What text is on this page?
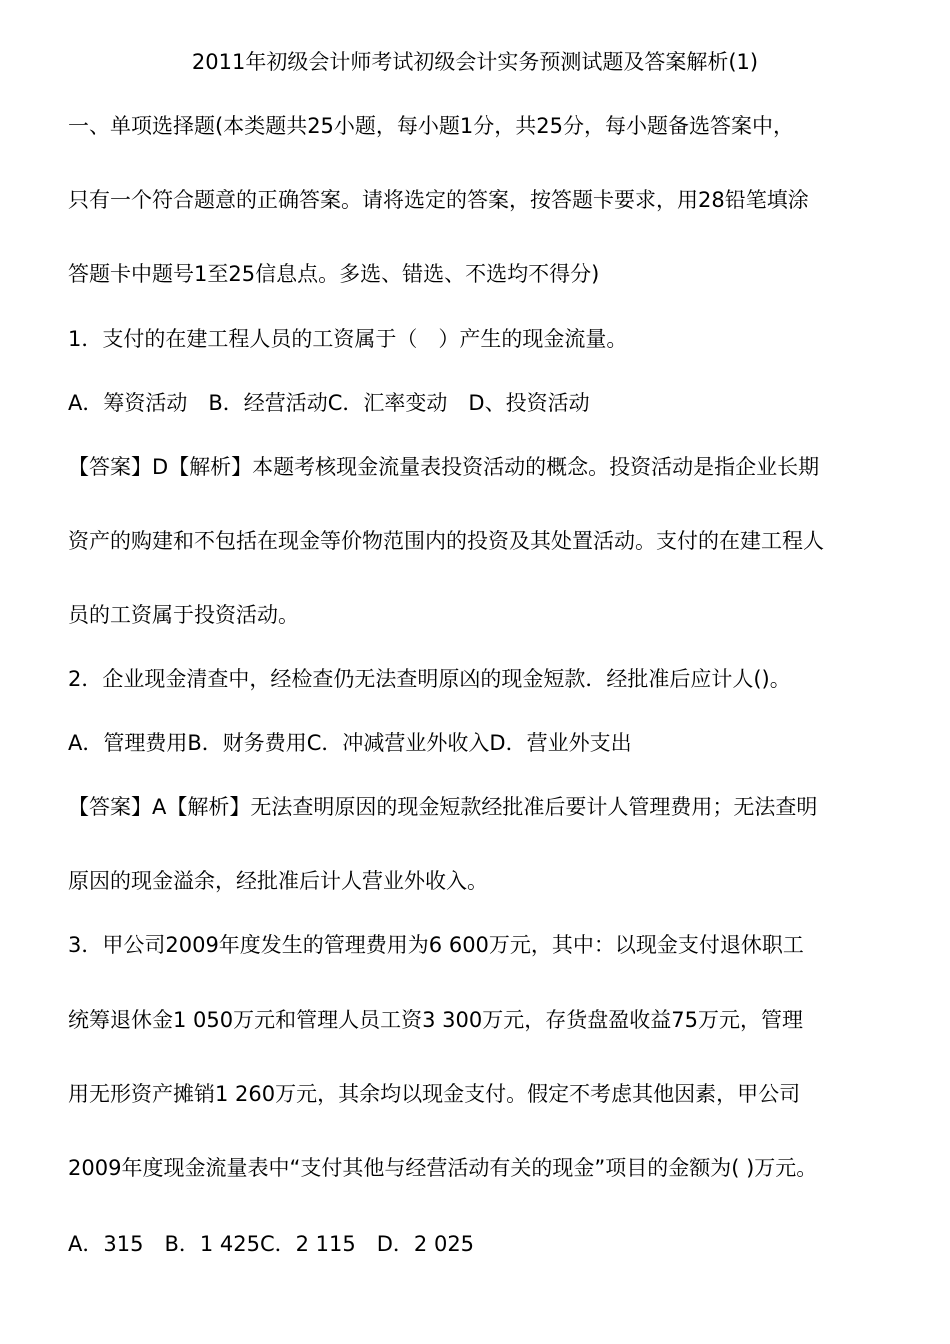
2011年初级会计师考试初级会计实务预测试题及答案解析(1)
一、单项选择题(本类题共25小题，每小题1分，共25分，每小题备选答案中，
只有一个符合题意的正确答案。请将选定的答案，按答题卡要求，用28铅笔填涂
答题卡中题号1至25信息点。多选、错选、不选均不得分)
1．支付的在建工程人员的工资属于（　）产生的现金流量。
A．筹资活动　B．经营活动C．汇率变动　D、投资活动
【答案】D【解析】本题考核现金流量表投资活动的概念。投资活动是指企业长期
资产的购建和不包括在现金等价物范围内的投资及其处置活动。支付的在建工程人
员的工资属于投资活动。
2．企业现金清查中，经检查仍无法查明原凶的现金短款．经批准后应计人()。
A．管理费用B．财务费用C．冲减营业外收入D．营业外支出
【答案】A【解析】无法查明原因的现金短款经批准后要计人管理费用；无法查明
原因的现金溢余，经批准后计人营业外收入。
3．甲公司2009年度发生的管理费用为6 600万元，其中：以现金支付退休职工
统筹退休金1 050万元和管理人员工资3 300万元，存货盘盈收益75万元，管理
用无形资产摊销1 260万元，其余均以现金支付。假定不考虑其他因素，甲公司
2009年度现金流量表中“支付其他与经营活动有关的现金”项目的金额为( )万元。
A．315　B．1 425C．2 115　D．2 025
